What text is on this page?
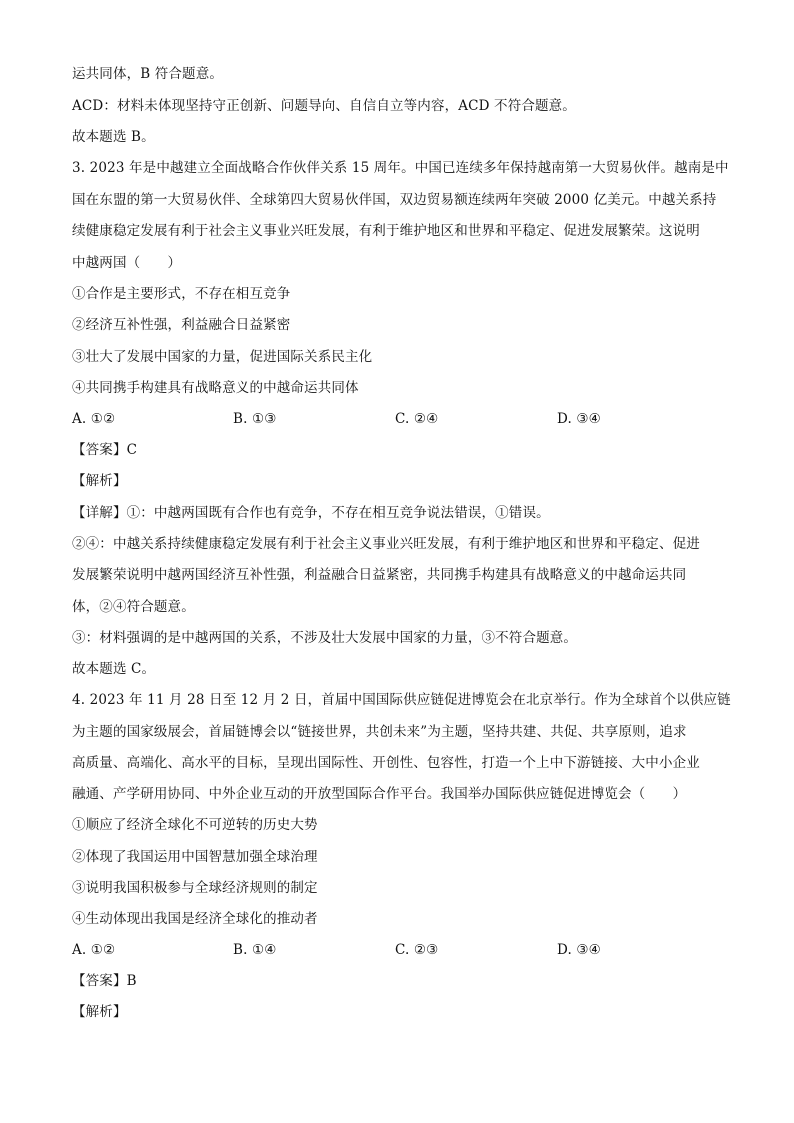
运共同体，B 符合题意。
ACD：材料未体现坚持守正创新、问题导向、自信自立等内容，ACD 不符合题意。
故本题选 B。
3. 2023 年是中越建立全面战略合作伙伴关系 15 周年。中国已连续多年保持越南第一大贸易伙伴。越南是中
国在东盟的第一大贸易伙伴、全球第四大贸易伙伴国，双边贸易额连续两年突破 2000 亿美元。中越关系持
续健康稳定发展有利于社会主义事业兴旺发展，有利于维护地区和世界和平稳定、促进发展繁荣。这说明
中越两国（　　）
①合作是主要形式，不存在相互竞争
②经济互补性强，利益融合日益紧密
③壮大了发展中国家的力量，促进国际关系民主化
④共同携手构建具有战略意义的中越命运共同体
A. ①②	B. ①③	C. ②④	D. ③④
【答案】C
【解析】
【详解】①：中越两国既有合作也有竞争，不存在相互竞争说法错误，①错误。
②④：中越关系持续健康稳定发展有利于社会主义事业兴旺发展，有利于维护地区和世界和平稳定、促进
发展繁荣说明中越两国经济互补性强，利益融合日益紧密，共同携手构建具有战略意义的中越命运共同
体，②④符合题意。
③：材料强调的是中越两国的关系，不涉及壮大发展中国家的力量，③不符合题意。
故本题选 C。
4. 2023 年 11 月 28 日至 12 月 2 日，首届中国国际供应链促进博览会在北京举行。作为全球首个以供应链
为主题的国家级展会，首届链博会以“链接世界，共创未来”为主题，坚持共建、共促、共享原则，追求
高质量、高端化、高水平的目标，呈现出国际性、开创性、包容性，打造一个上中下游链接、大中小企业
融通、产学研用协同、中外企业互动的开放型国际合作平台。我国举办国际供应链促进博览会（　　）
①顺应了经济全球化不可逆转的历史大势
②体现了我国运用中国智慧加强全球治理
③说明我国积极参与全球经济规则的制定
④生动体现出我国是经济全球化的推动者
A. ①②	B. ①④	C. ②③	D. ③④
【答案】B
【解析】
